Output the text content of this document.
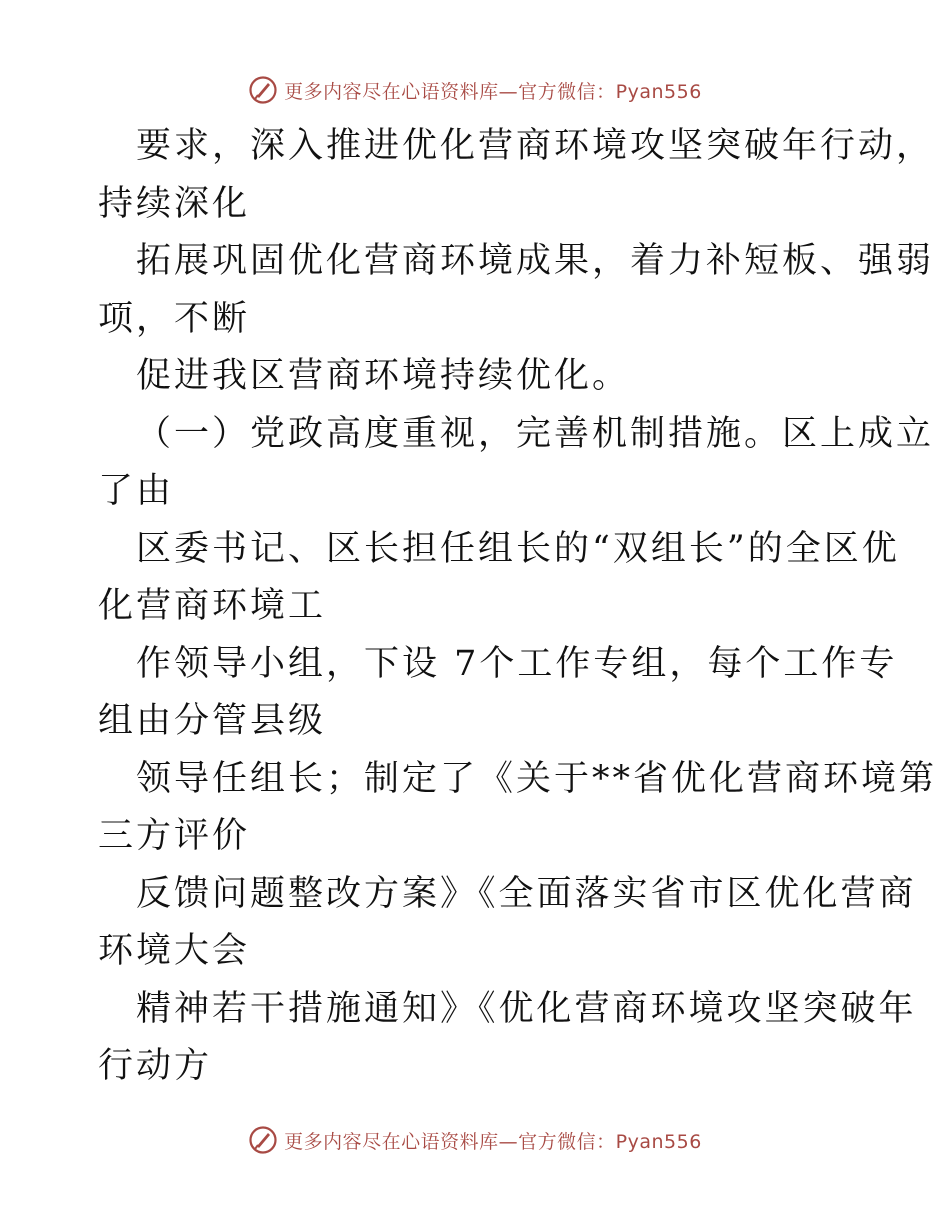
更多内容尽在心语资料库—官方微信：Pyan556

要求，深入推进优化营商环境攻坚突破年行动，

持续深化

拓展巩固优化营商环境成果，着力补短板、强弱

项，不断

促进我区营商环境持续优化。

（一）党政高度重视，完善机制措施。区上成立

了由

区委书记、区长担任组长的“双组长”的全区优

化营商环境工

作领导小组，下设 7个工作专组，每个工作专

组由分管县级

领导任组长；制定了《关于**省优化营商环境第

三方评价

反馈问题整改方案》《全面落实省市区优化营商

环境大会

精神若干措施通知》《优化营商环境攻坚突破年

行动方

更多内容尽在心语资料库—官方微信：Pyan556
